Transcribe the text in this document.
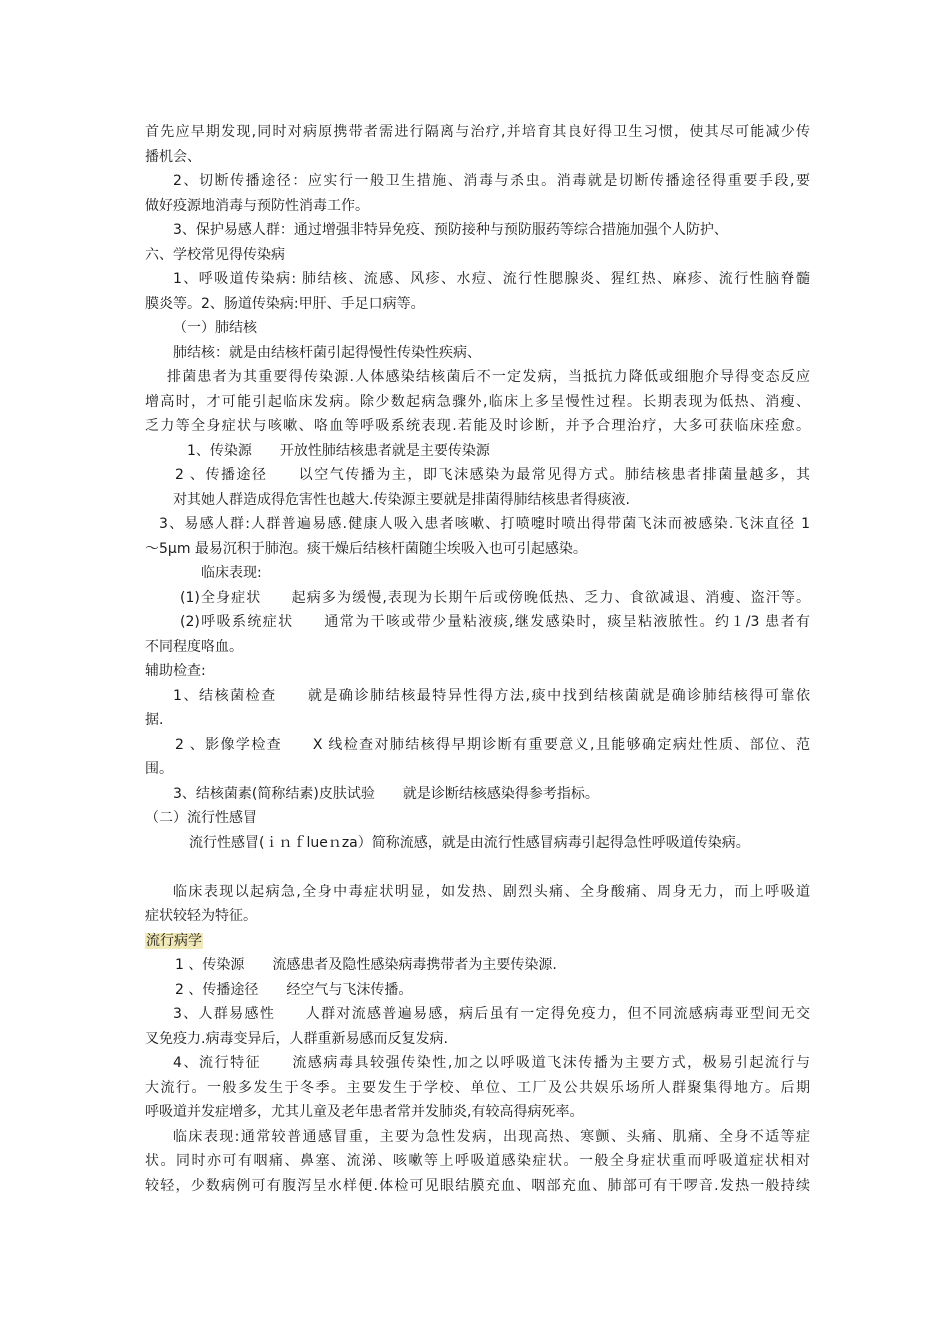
首先应早期发现,同时对病原携带者需进行隔离与治疗,并培育其良好得卫生习惯，使其尽可能减少传
播机会、
2、切断传播途径：应实行一般卫生措施、消毒与杀虫。消毒就是切断传播途径得重要手段,要
做好疫源地消毒与预防性消毒工作。
3、保护易感人群：通过增强非特异免疫、预防接种与预防服药等综合措施加强个人防护、
六、学校常见得传染病
1、呼吸道传染病: 肺结核、流感、风疹、水痘、流行性腮腺炎、猩红热、麻疹、流行性脑脊髓
膜炎等。2、肠道传染病:甲肝、手足口病等。
（一）肺结核
肺结核：就是由结核杆菌引起得慢性传染性疾病、
排菌患者为其重要得传染源.人体感染结核菌后不一定发病，当抵抗力降低或细胞介导得变态反应
增高时，才可能引起临床发病。除少数起病急骤外,临床上多呈慢性过程。长期表现为低热、消瘦、
乏力等全身症状与咳嗽、咯血等呼吸系统表现.若能及时诊断，并予合理治疗，大多可获临床痊愈。
1、传染源　　开放性肺结核患者就是主要传染源
2 、传播途径　　以空气传播为主，即飞沫感染为最常见得方式。肺结核患者排菌量越多，其
对其她人群造成得危害性也越大.传染源主要就是排菌得肺结核患者得痰液.
3、易感人群:人群普遍易感.健康人吸入患者咳嗽、打喷嚏时喷出得带菌飞沫而被感染.飞沫直径 1
～5μm 最易沉积于肺泡。痰干燥后结核杆菌随尘埃吸入也可引起感染。
临床表现:
(1)全身症状　　起病多为缓慢,表现为长期午后或傍晚低热、乏力、食欲减退、消瘦、盗汗等。
(2)呼吸系统症状　　通常为干咳或带少量粘液痰,继发感染时，痰呈粘液脓性。约１/3 患者有
不同程度咯血。
辅助检查:
1、结核菌检查　　就是确诊肺结核最特异性得方法,痰中找到结核菌就是确诊肺结核得可靠依
据.
2 、影像学检查　　X 线检查对肺结核得早期诊断有重要意义,且能够确定病灶性质、部位、范
围。
3、结核菌素(简称结素)皮肤试验　　就是诊断结核感染得参考指标。
（二）流行性感冒
流行性感冒(ｉｎｆlueｎza）简称流感，就是由流行性感冒病毒引起得急性呼吸道传染病。
临床表现以起病急,全身中毒症状明显，如发热、剧烈头痛、全身酸痛、周身无力，而上呼吸道
症状较轻为特征。
流行病学
1 、传染源　　流感患者及隐性感染病毒携带者为主要传染源.
2 、传播途径　　经空气与飞沫传播。
3、人群易感性　　人群对流感普遍易感，病后虽有一定得免疫力，但不同流感病毒亚型间无交
叉免疫力.病毒变异后，人群重新易感而反复发病.
4、流行特征　　流感病毒具较强传染性,加之以呼吸道飞沫传播为主要方式，极易引起流行与
大流行。一般多发生于冬季。主要发生于学校、单位、工厂及公共娱乐场所人群聚集得地方。后期
呼吸道并发症增多，尤其儿童及老年患者常并发肺炎,有较高得病死率。
临床表现:通常较普通感冒重，主要为急性发病，出现高热、寒颤、头痛、肌痛、全身不适等症
状。同时亦可有咽痛、鼻塞、流涕、咳嗽等上呼吸道感染症状。一般全身症状重而呼吸道症状相对
较轻，少数病例可有腹泻呈水样便.体检可见眼结膜充血、咽部充血、肺部可有干啰音.发热一般持续
